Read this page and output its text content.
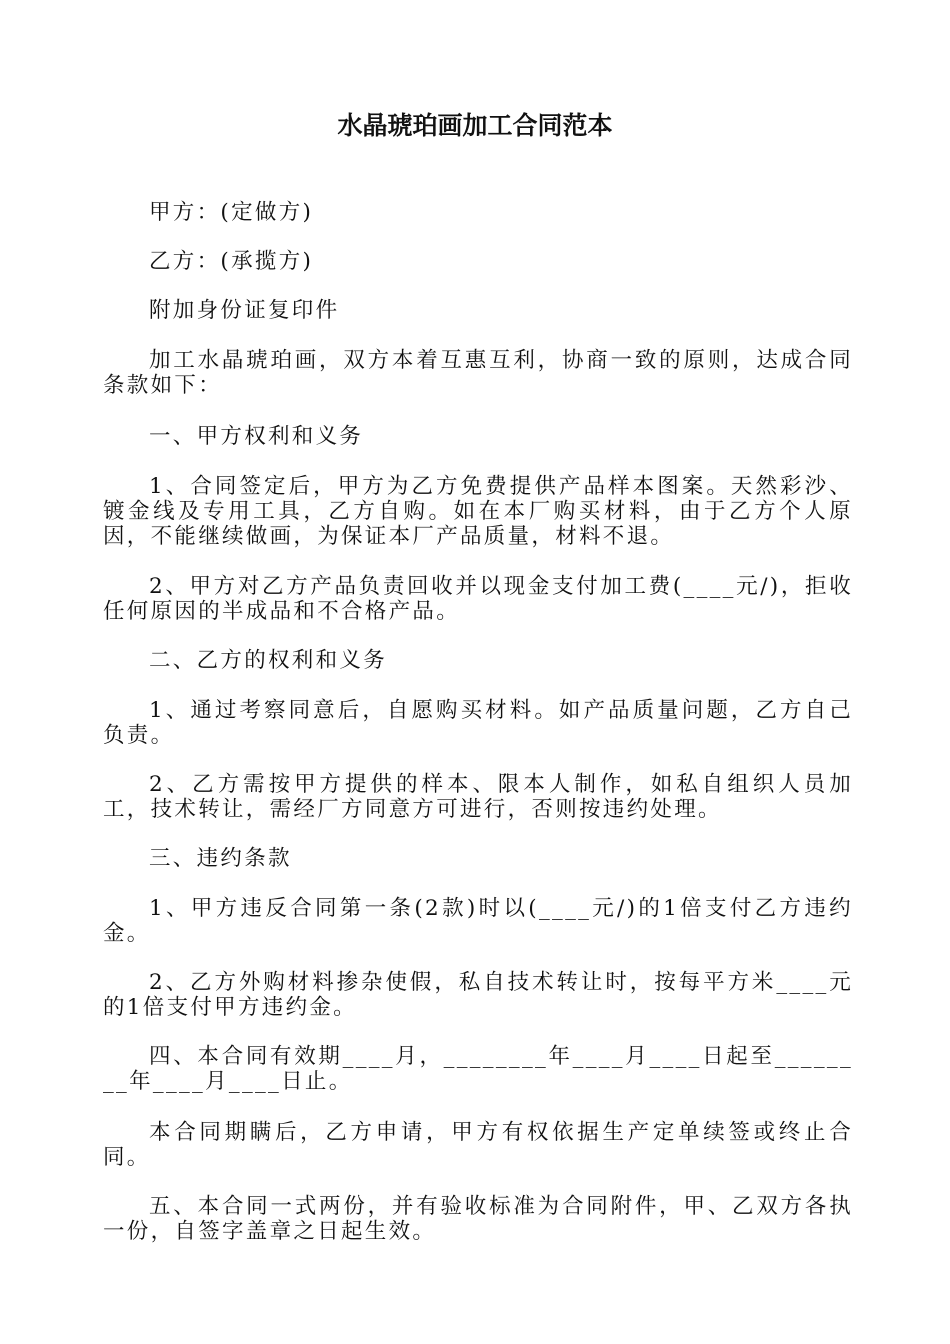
水晶琥珀画加工合同范本

甲方：(定做方)

乙方：(承揽方)

附加身份证复印件

加工水晶琥珀画，双方本着互惠互利，协商一致的原则，达成合同条款如下：

一、甲方权利和义务

1、合同签定后，甲方为乙方免费提供产品样本图案。天然彩沙、镀金线及专用工具，乙方自购。如在本厂购买材料，由于乙方个人原因，不能继续做画，为保证本厂产品质量，材料不退。

2、甲方对乙方产品负责回收并以现金支付加工费(____元/)，拒收任何原因的半成品和不合格产品。

二、乙方的权利和义务

1、通过考察同意后，自愿购买材料。如产品质量问题，乙方自己负责。

2、乙方需按甲方提供的样本、限本人制作，如私自组织人员加工，技术转让，需经厂方同意方可进行，否则按违约处理。

三、违约条款

1、甲方违反合同第一条(2款)时以(____元/)的1倍支付乙方违约金。

2、乙方外购材料掺杂使假，私自技术转让时，按每平方米____元的1倍支付甲方违约金。

四、本合同有效期____月，________年____月____日起至________年____月____日止。

本合同期瞒后，乙方申请，甲方有权依据生产定单续签或终止合同。

五、本合同一式两份，并有验收标准为合同附件，甲、乙双方各执一份，自签字盖章之日起生效。
